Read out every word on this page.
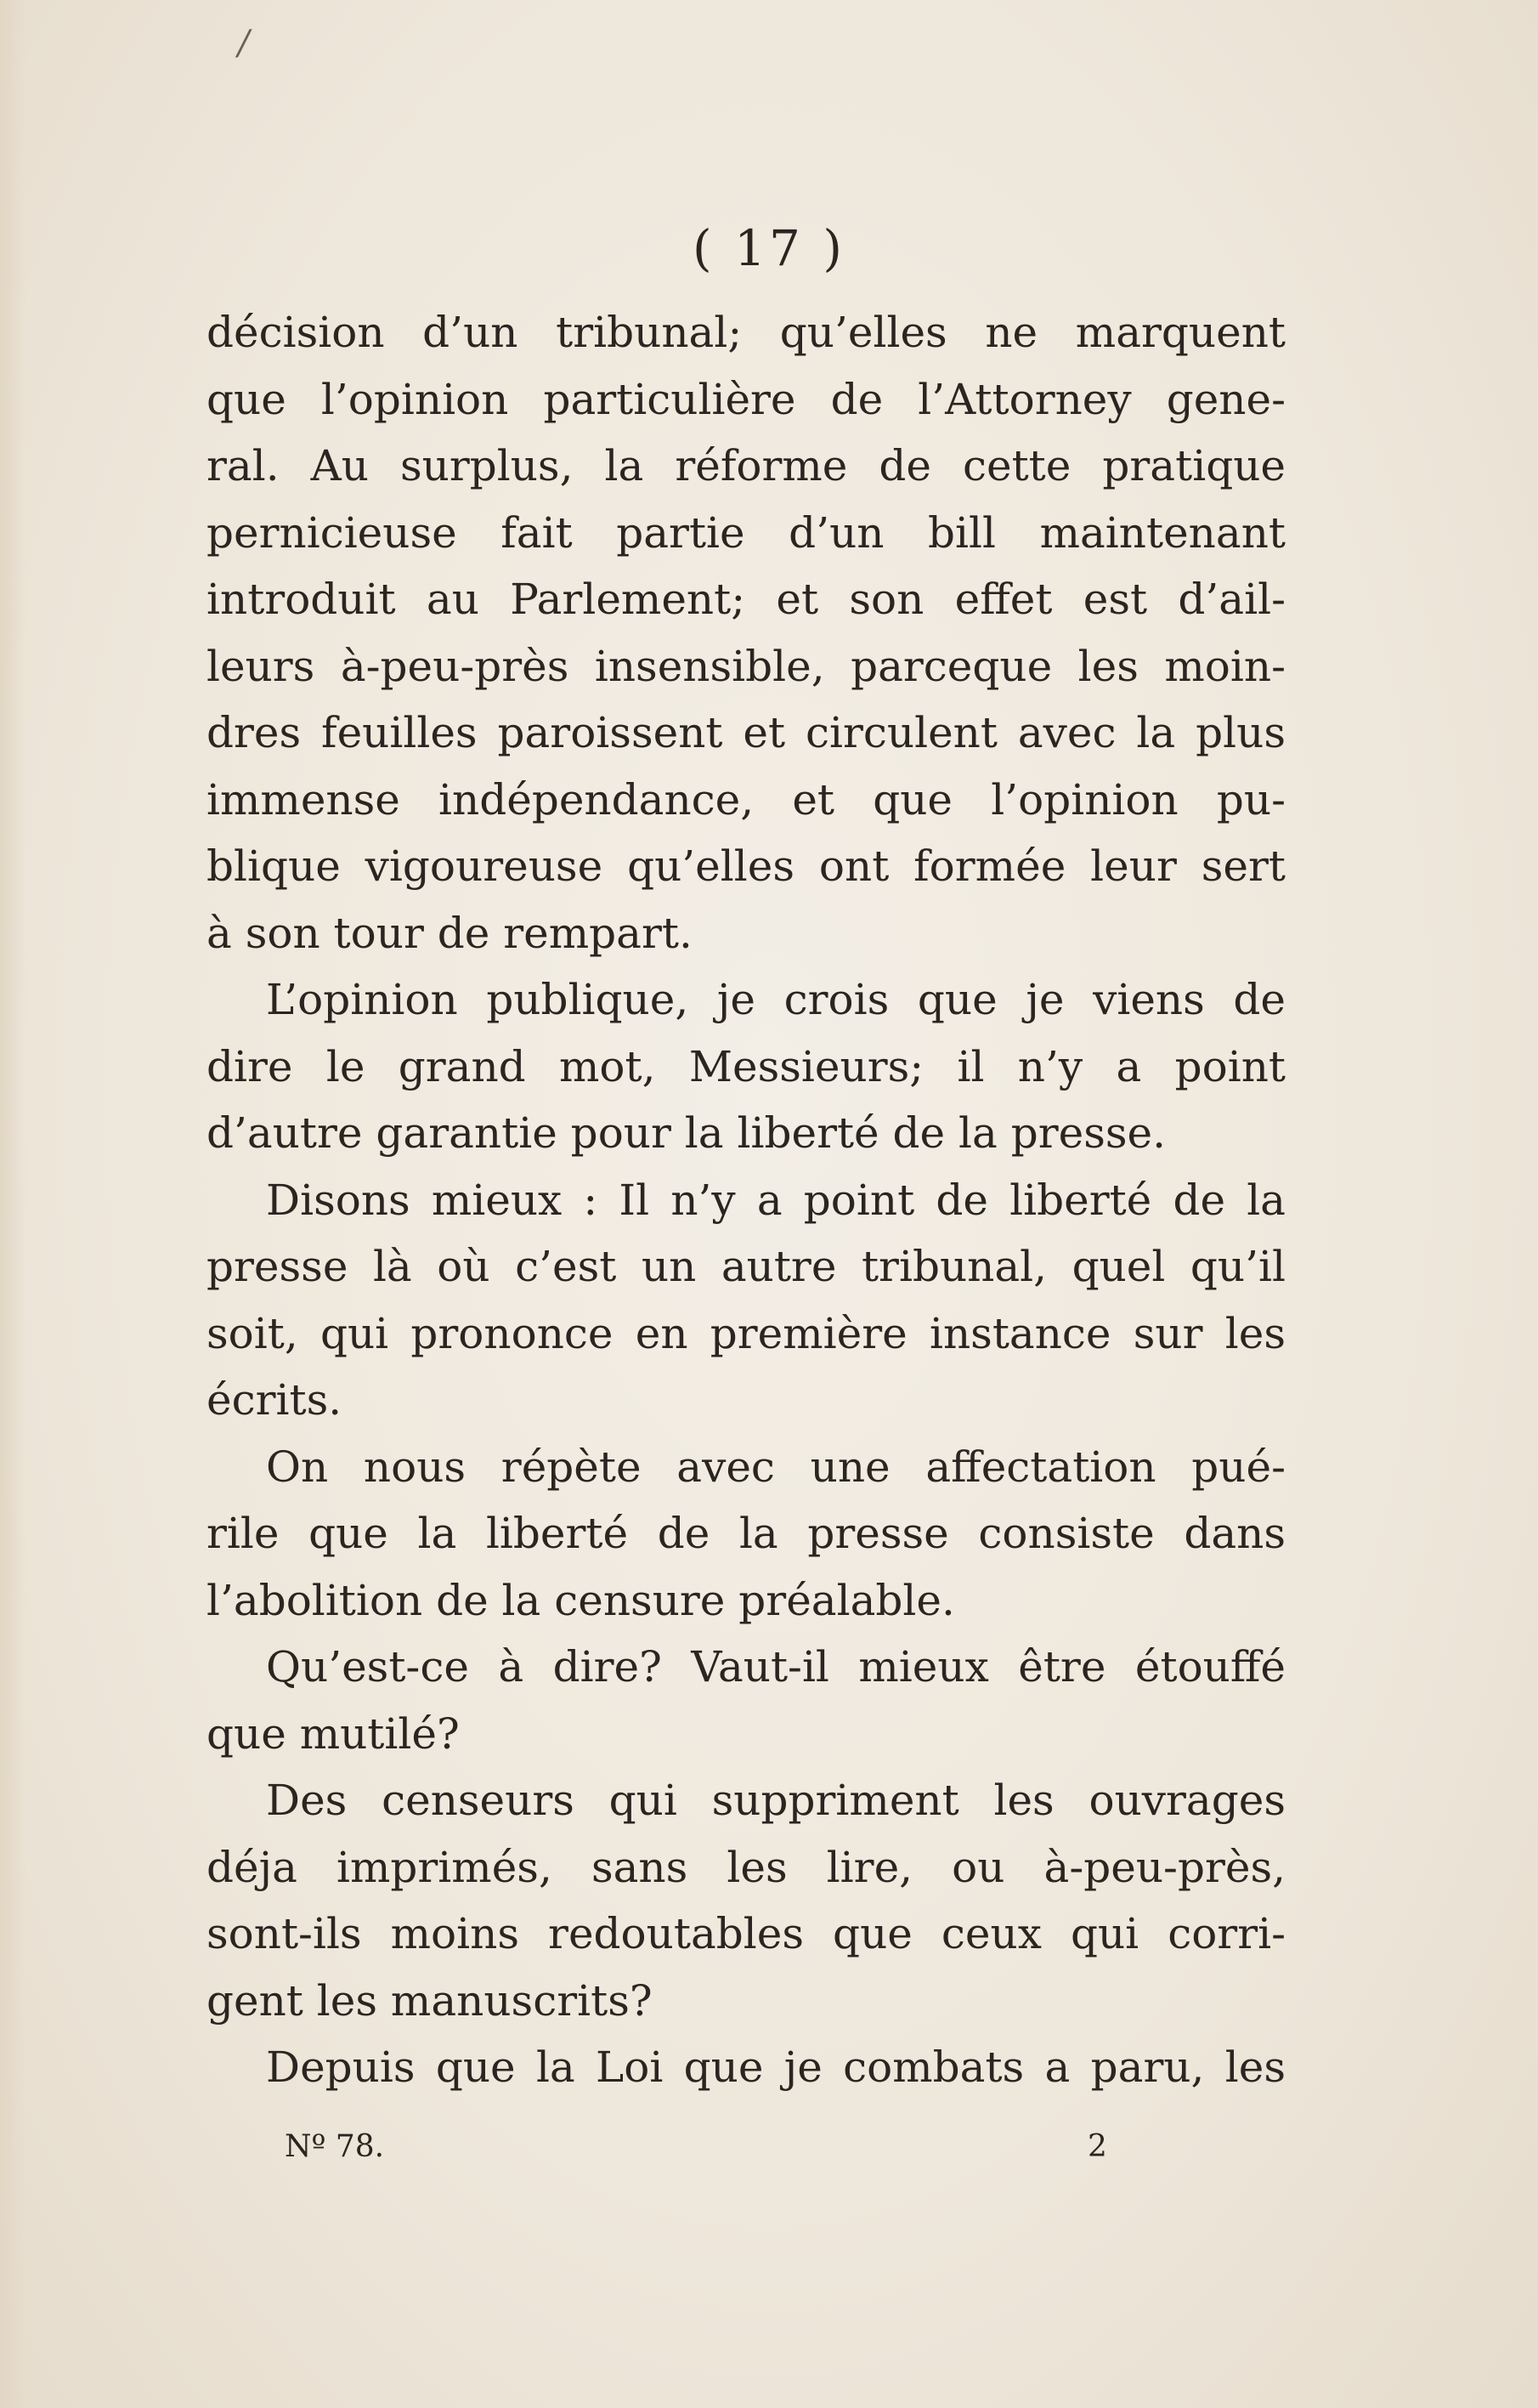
/
( 17 )
décision d’un tribunal; qu’elles ne marquent
que l’opinion particulière de l’Attorney gene-
ral. Au surplus, la réforme de cette pratique
pernicieuse fait partie d’un bill maintenant
introduit au Parlement; et son effet est d’ail-
leurs à-peu-près insensible, parceque les moin-
dres feuilles paroissent et circulent avec la plus
immense indépendance, et que l’opinion pu-
blique vigoureuse qu’elles ont formée leur sert
à son tour de rempart.
L’opinion publique, je crois que je viens de
dire le grand mot, Messieurs; il n’y a point
d’autre garantie pour la liberté de la presse.
Disons mieux : Il n’y a point de liberté de la
presse là où c’est un autre tribunal, quel qu’il
soit, qui prononce en première instance sur les
écrits.
On nous répète avec une affectation pué-
rile que la liberté de la presse consiste dans
l’abolition de la censure préalable.
Qu’est-ce à dire? Vaut-il mieux être étouffé
que mutilé?
Des censeurs qui suppriment les ouvrages
déja imprimés, sans les lire, ou à-peu-près,
sont-ils moins redoutables que ceux qui corri-
gent les manuscrits?
Depuis que la Loi que je combats a paru, les
Nº 78.	2
